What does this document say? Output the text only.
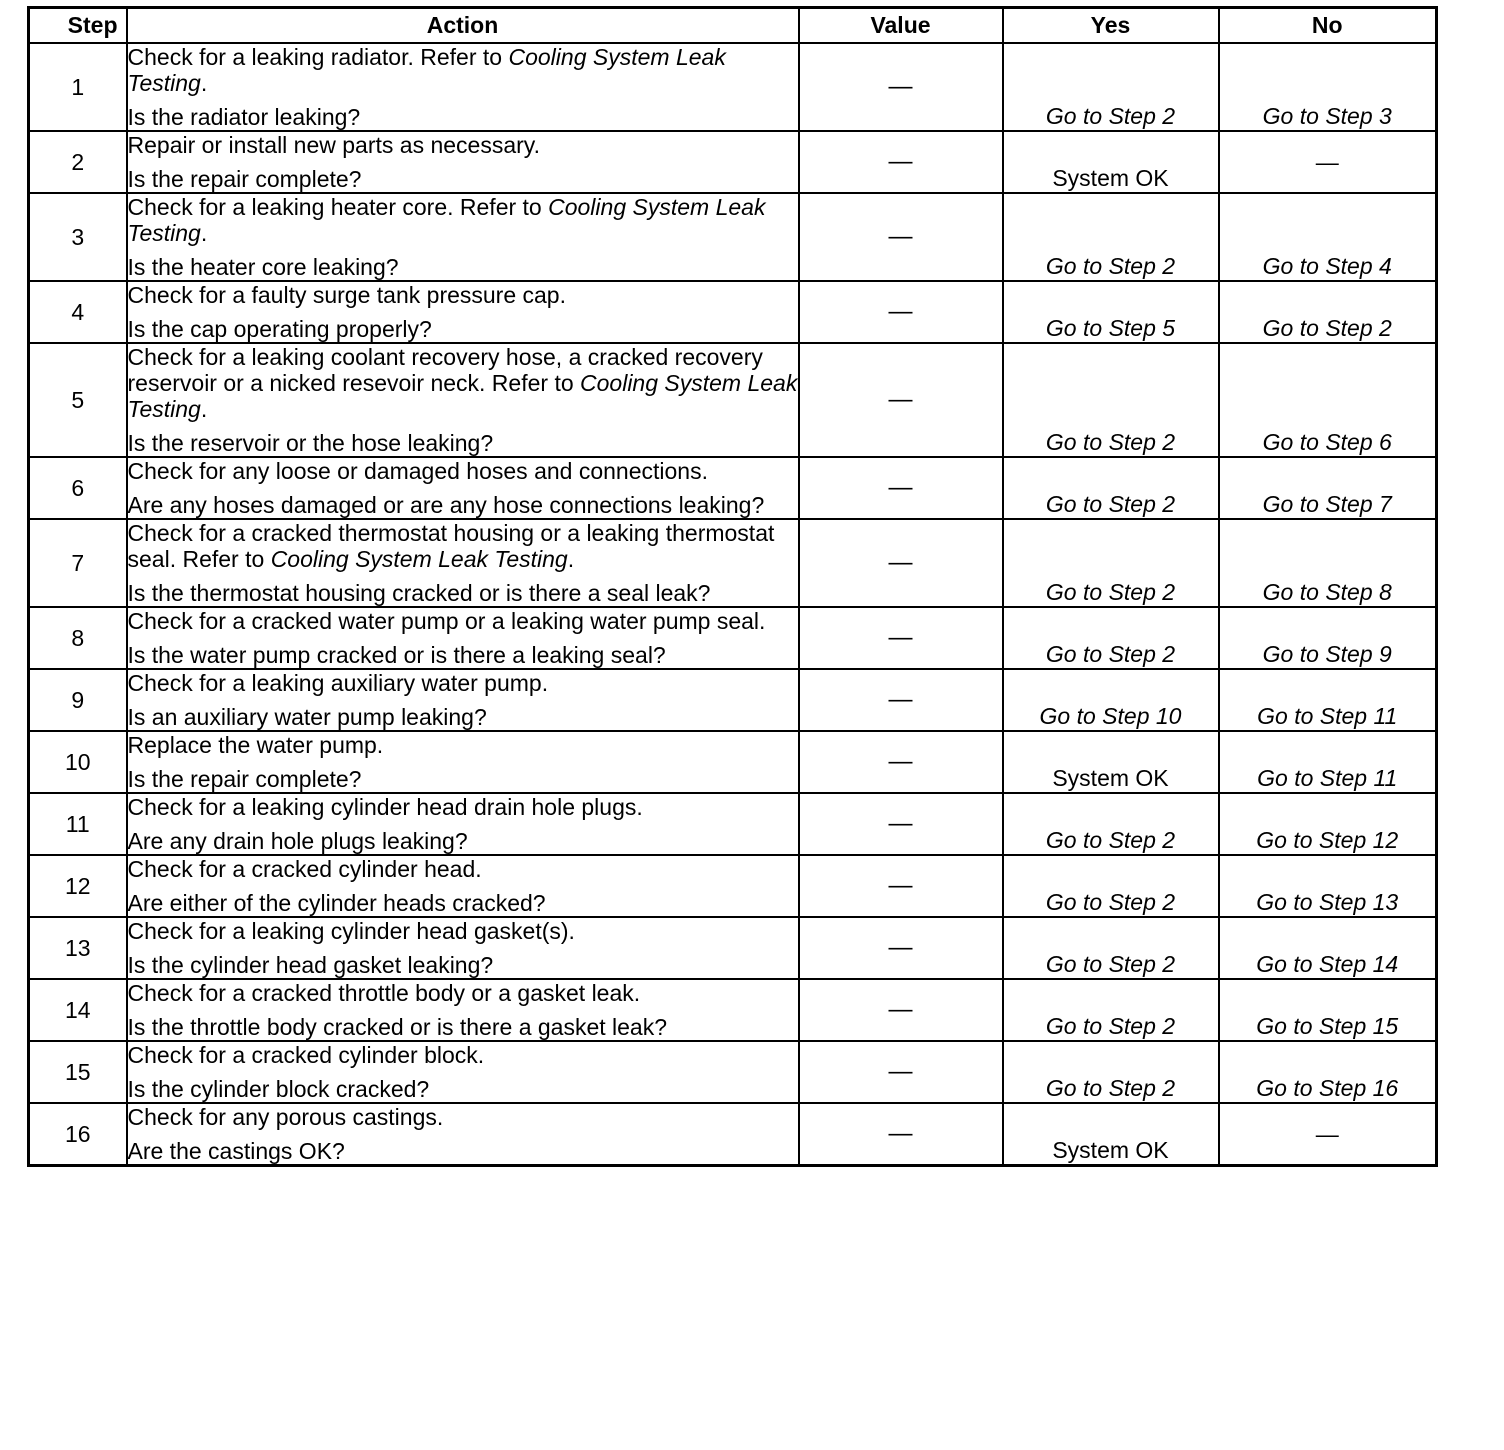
Step	Action	Value	Yes	No
1	Check for a leaking radiator. Refer to Cooling System Leak Testing.
Is the radiator leaking?	—	Go to Step 2	Go to Step 3
2	Repair or install new parts as necessary.
Is the repair complete?	—	System OK	—
3	Check for a leaking heater core. Refer to Cooling System Leak Testing.
Is the heater core leaking?	—	Go to Step 2	Go to Step 4
4	Check for a faulty surge tank pressure cap.
Is the cap operating properly?	—	Go to Step 5	Go to Step 2
5	Check for a leaking coolant recovery hose, a cracked recovery reservoir or a nicked resevoir neck. Refer to Cooling System Leak Testing.
Is the reservoir or the hose leaking?	—	Go to Step 2	Go to Step 6
6	Check for any loose or damaged hoses and connections.
Are any hoses damaged or are any hose connections leaking?	—	Go to Step 2	Go to Step 7
7	Check for a cracked thermostat housing or a leaking thermostat seal. Refer to Cooling System Leak Testing.
Is the thermostat housing cracked or is there a seal leak?	—	Go to Step 2	Go to Step 8
8	Check for a cracked water pump or a leaking water pump seal.
Is the water pump cracked or is there a leaking seal?	—	Go to Step 2	Go to Step 9
9	Check for a leaking auxiliary water pump.
Is an auxiliary water pump leaking?	—	Go to Step 10	Go to Step 11
10	Replace the water pump.
Is the repair complete?	—	System OK	Go to Step 11
11	Check for a leaking cylinder head drain hole plugs.
Are any drain hole plugs leaking?	—	Go to Step 2	Go to Step 12
12	Check for a cracked cylinder head.
Are either of the cylinder heads cracked?	—	Go to Step 2	Go to Step 13
13	Check for a leaking cylinder head gasket(s).
Is the cylinder head gasket leaking?	—	Go to Step 2	Go to Step 14
14	Check for a cracked throttle body or a gasket leak.
Is the throttle body cracked or is there a gasket leak?	—	Go to Step 2	Go to Step 15
15	Check for a cracked cylinder block.
Is the cylinder block cracked?	—	Go to Step 2	Go to Step 16
16	Check for any porous castings.
Are the castings OK?	—	System OK	—
